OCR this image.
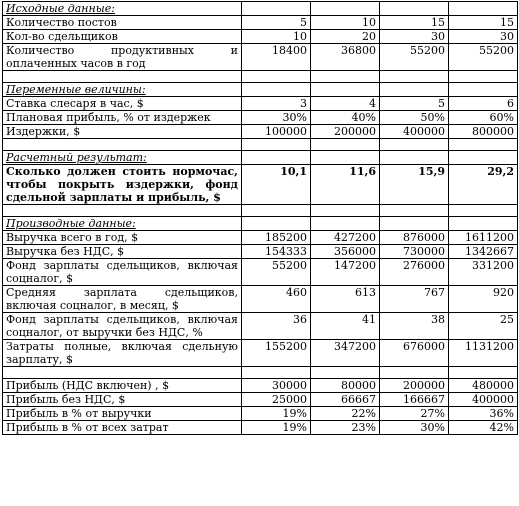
Исходные данные:				
Количество постов	5	10	15	15
Кол-во сдельщиков	10	20	30	30
Количество продуктивных и оплаченных часов в год	18400	36800	55200	55200

Переменные величины:				
Ставка слесаря в час, $	3	4	5	6
Плановая прибыль, % от издержек	30%	40%	50%	60%
Издержки, $	100000	200000	400000	800000

Расчетный результат:				
Сколько должен стоить нормочас, чтобы покрыть издержки, фонд сдельной зарплаты и прибыль, $	10,1	11,6	15,9	29,2

Производные данные:				
Выручка всего в год, $	185200	427200	876000	1611200
Выручка без НДС, $	154333	356000	730000	1342667
Фонд зарплаты сдельщиков, включая соцналог, $	55200	147200	276000	331200
Средняя зарплата сдельщиков, включая соцналог, в месяц, $	460	613	767	920
Фонд зарплаты сдельщиков, включая соцналог, от выручки без НДС, %	36	41	38	25
Затраты полные, включая сдельную зарплату, $	155200	347200	676000	1131200

Прибыль (НДС включен) , $	30000	80000	200000	480000
Прибыль без НДС, $	25000	66667	166667	400000
Прибыль в % от выручки	19%	22%	27%	36%
Прибыль в % от всех затрат	19%	23%	30%	42%
